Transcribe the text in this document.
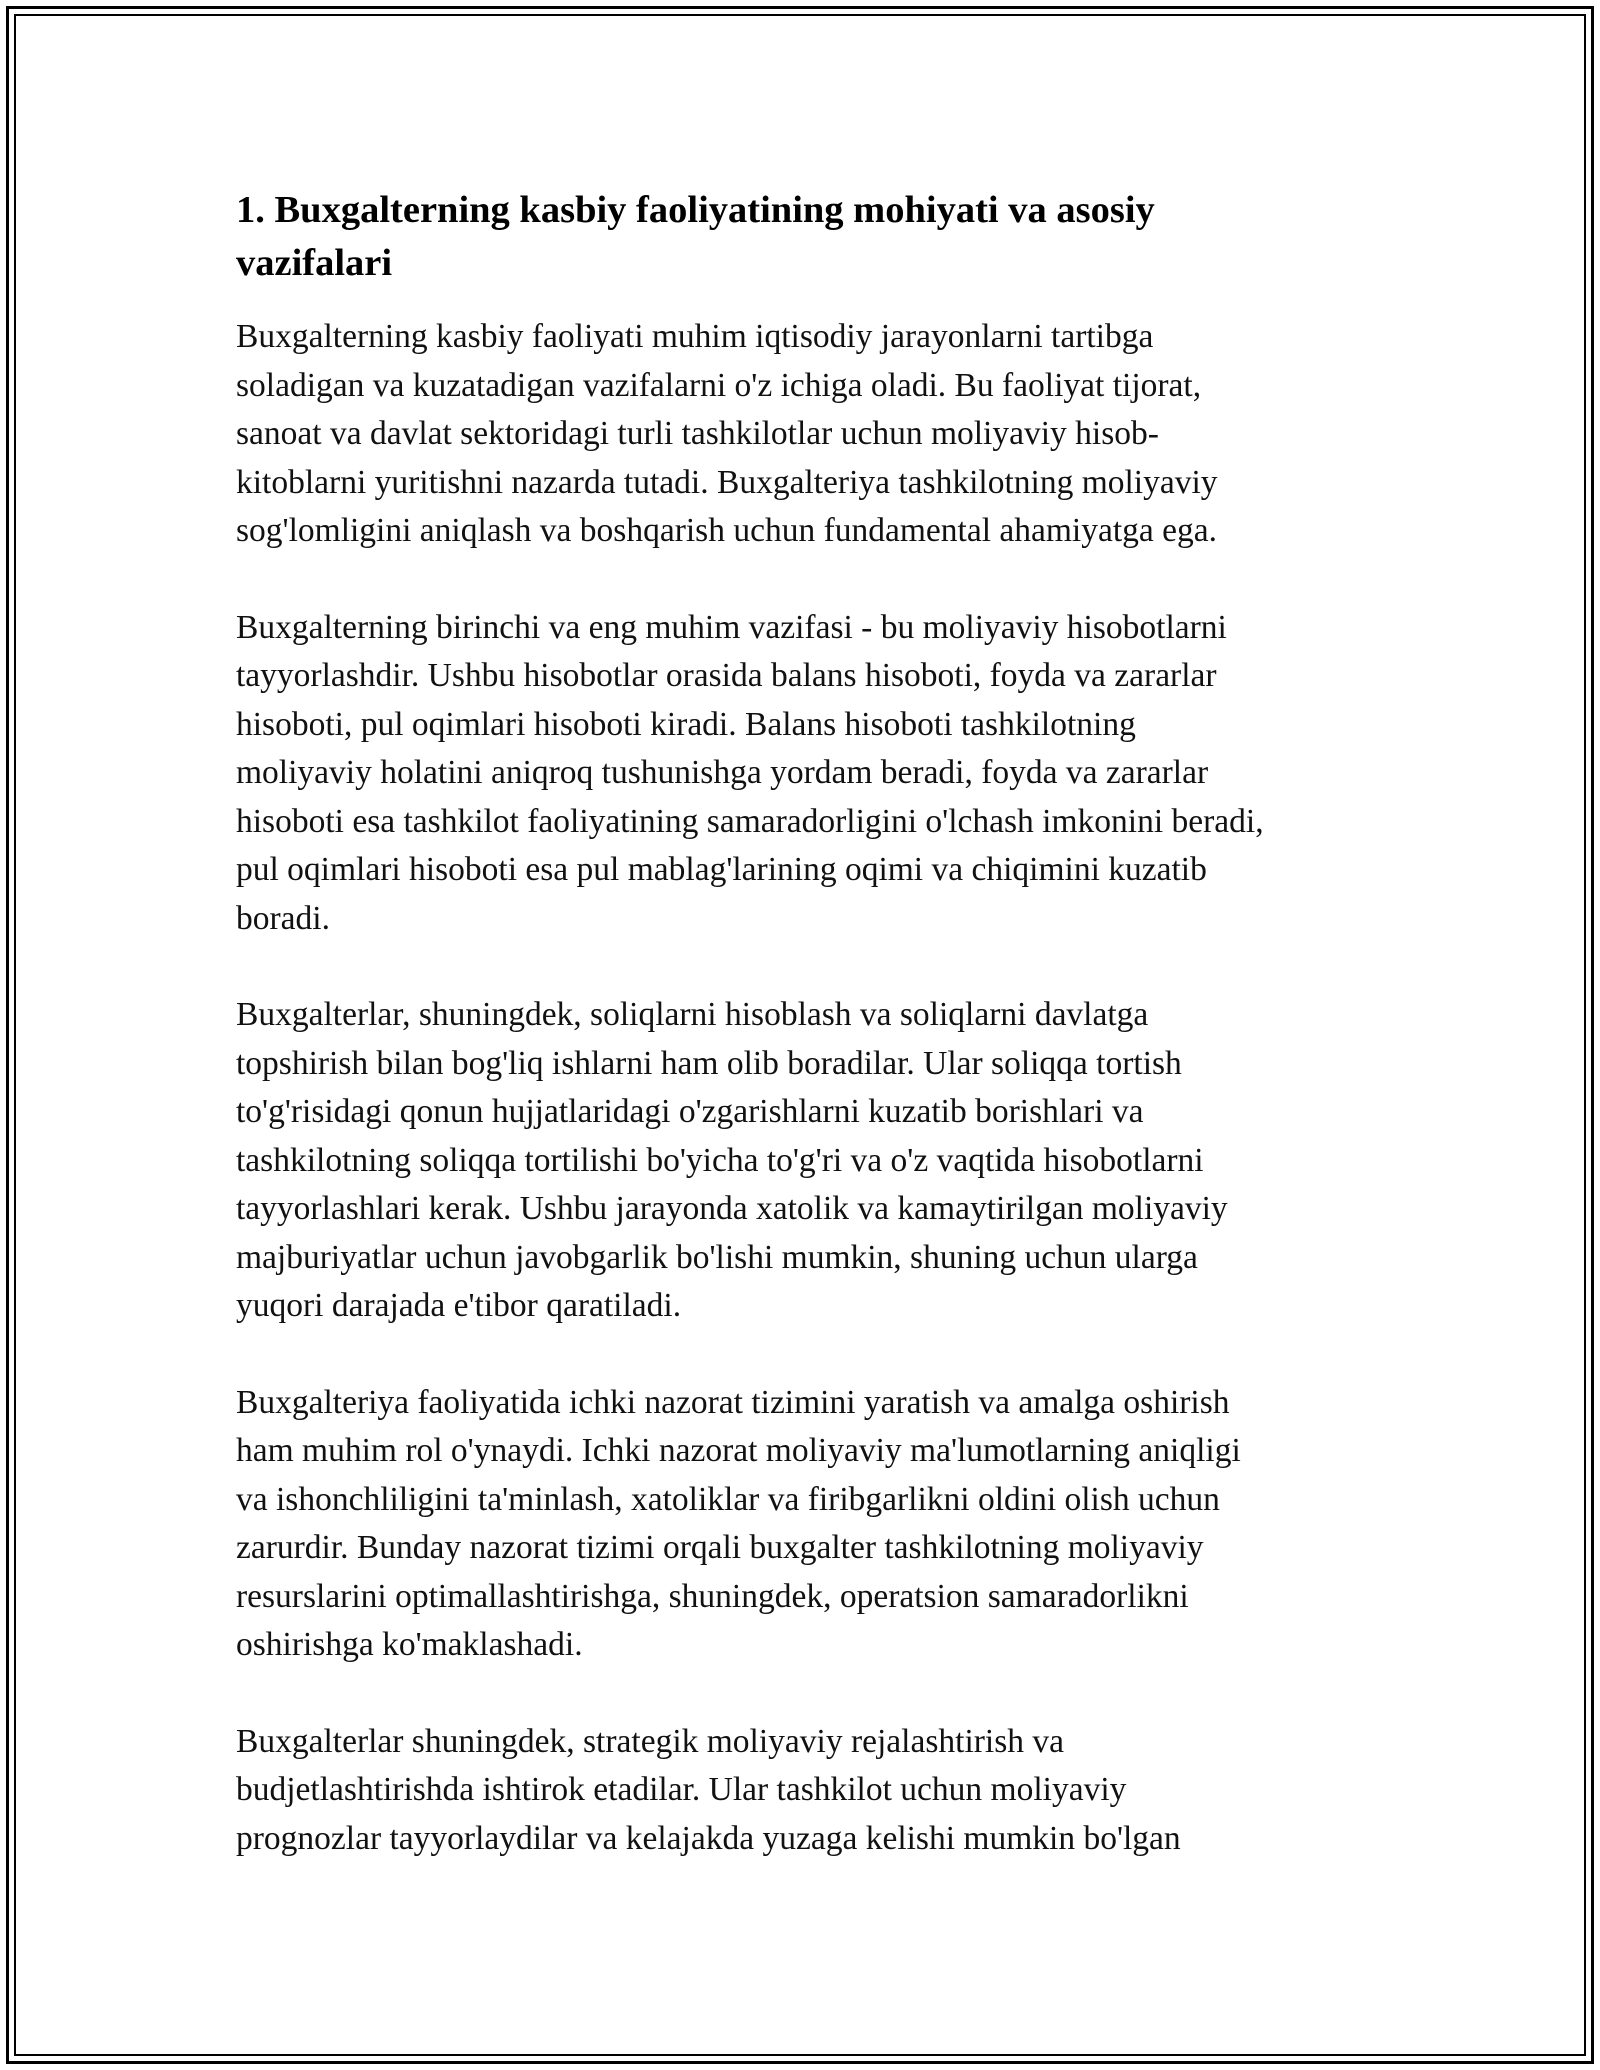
1. Buxgalterning kasbiy faoliyatining mohiyati va asosiy
vazifalari

Buxgalterning kasbiy faoliyati muhim iqtisodiy jarayonlarni tartibga
soladigan va kuzatadigan vazifalarni o'z ichiga oladi. Bu faoliyat tijorat,
sanoat va davlat sektoridagi turli tashkilotlar uchun moliyaviy hisob-
kitoblarni yuritishni nazarda tutadi. Buxgalteriya tashkilotning moliyaviy
sog'lomligini aniqlash va boshqarish uchun fundamental ahamiyatga ega.

Buxgalterning birinchi va eng muhim vazifasi - bu moliyaviy hisobotlarni
tayyorlashdir. Ushbu hisobotlar orasida balans hisoboti, foyda va zararlar
hisoboti, pul oqimlari hisoboti kiradi. Balans hisoboti tashkilotning
moliyaviy holatini aniqroq tushunishga yordam beradi, foyda va zararlar
hisoboti esa tashkilot faoliyatining samaradorligini o'lchash imkonini beradi,
pul oqimlari hisoboti esa pul mablag'larining oqimi va chiqimini kuzatib
boradi.

Buxgalterlar, shuningdek, soliqlarni hisoblash va soliqlarni davlatga
topshirish bilan bog'liq ishlarni ham olib boradilar. Ular soliqqa tortish
to'g'risidagi qonun hujjatlaridagi o'zgarishlarni kuzatib borishlari va
tashkilotning soliqqa tortilishi bo'yicha to'g'ri va o'z vaqtida hisobotlarni
tayyorlashlari kerak. Ushbu jarayonda xatolik va kamaytirilgan moliyaviy
majburiyatlar uchun javobgarlik bo'lishi mumkin, shuning uchun ularga
yuqori darajada e'tibor qaratiladi.

Buxgalteriya faoliyatida ichki nazorat tizimini yaratish va amalga oshirish
ham muhim rol o'ynaydi. Ichki nazorat moliyaviy ma'lumotlarning aniqligi
va ishonchliligini ta'minlash, xatoliklar va firibgarlikni oldini olish uchun
zarurdir. Bunday nazorat tizimi orqali buxgalter tashkilotning moliyaviy
resurslarini optimallashtirishga, shuningdek, operatsion samaradorlikni
oshirishga ko'maklashadi.

Buxgalterlar shuningdek, strategik moliyaviy rejalashtirish va
budjetlashtirishda ishtirok etadilar. Ular tashkilot uchun moliyaviy
prognozlar tayyorlaydilar va kelajakda yuzaga kelishi mumkin bo'lgan
